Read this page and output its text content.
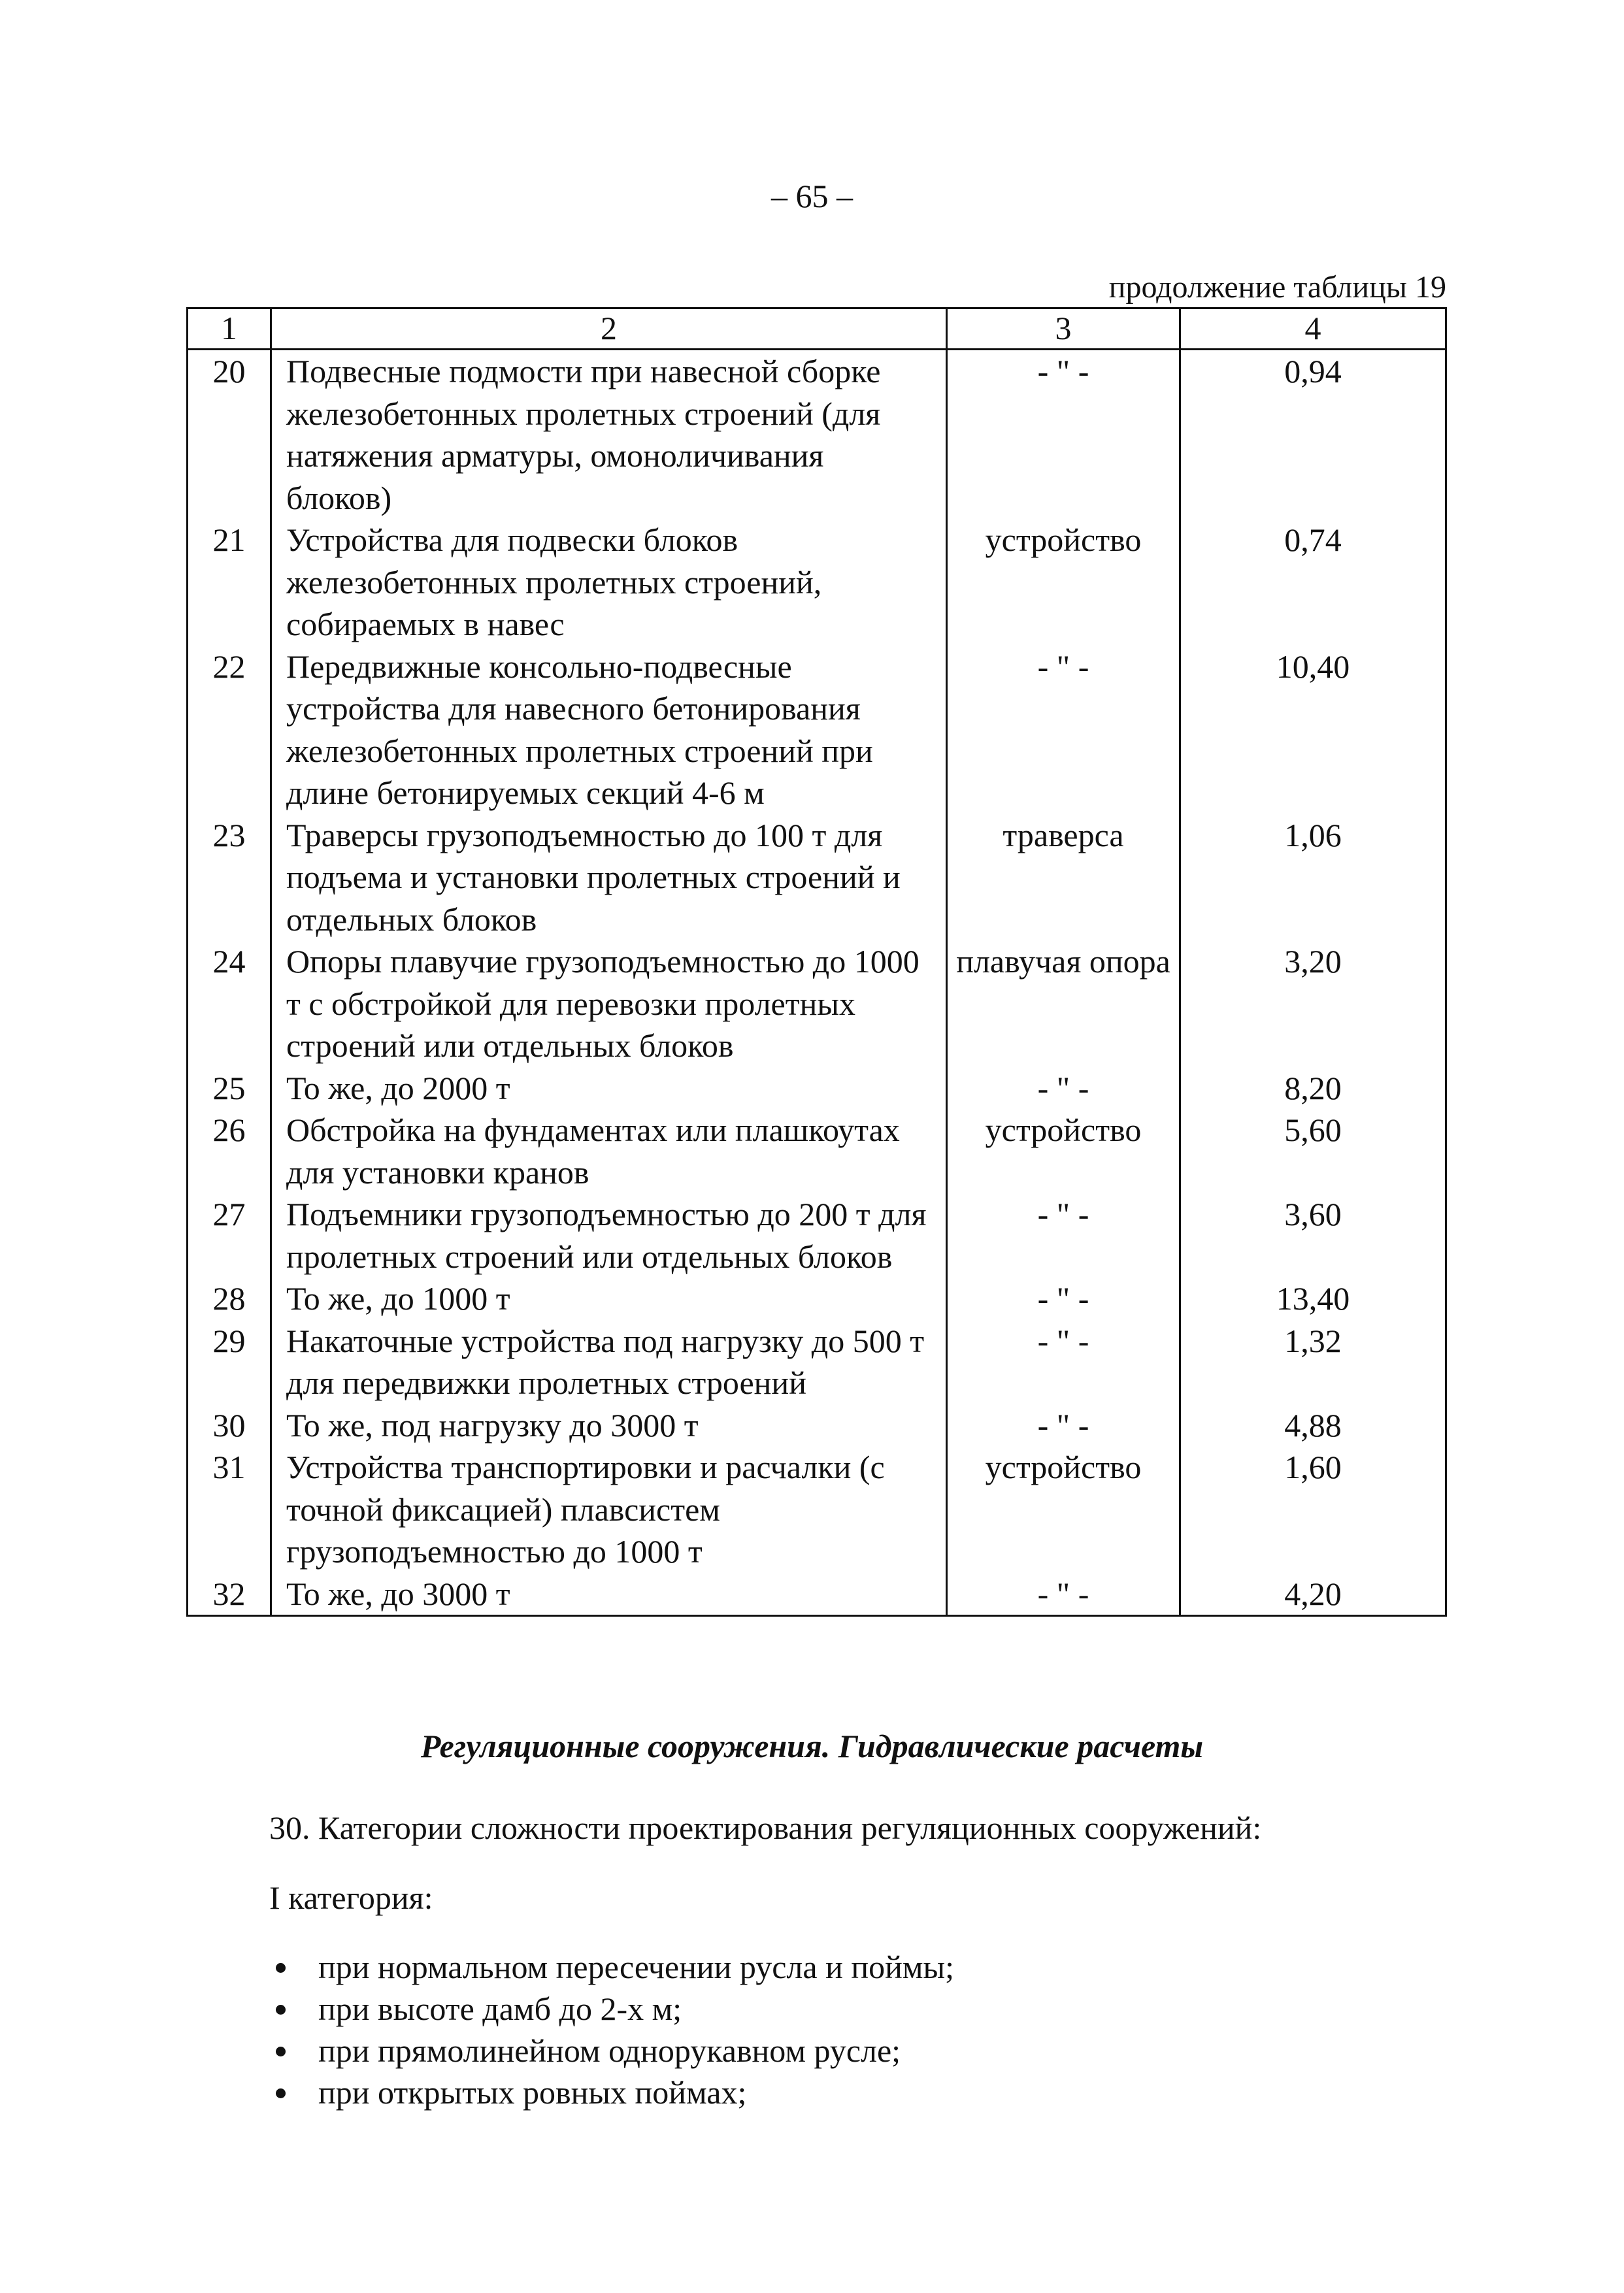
– 65 –
продолжение таблицы 19
1	2	3	4
20	Подвесные подмости при навесной сборке железобетонных пролетных строений (для натяжения арматуры, омоноличивания блоков)	- " -	0,94
21	Устройства для подвески блоков железобетонных пролетных строений, собираемых в навес	устройство	0,74
22	Передвижные консольно-подвесные устройства для навесного бетонирования железобетонных пролетных строений при длине бетонируемых секций 4-6 м	- " -	10,40
23	Траверсы грузоподъемностью до 100 т для подъема и установки пролетных строений и отдельных блоков	траверса	1,06
24	Опоры плавучие грузоподъемностью до 1000 т с обстройкой для перевозки пролетных строений или отдельных блоков	плавучая опора	3,20
25	То же, до 2000 т	- " -	8,20
26	Обстройка на фундаментах или плашкоутах для установки кранов	устройство	5,60
27	Подъемники грузоподъемностью до 200 т для пролетных строений или отдельных блоков	- " -	3,60
28	То же, до 1000 т	- " -	13,40
29	Накаточные устройства под нагрузку до 500 т для передвижки пролетных строений	- " -	1,32
30	То же, под нагрузку до 3000 т	- " -	4,88
31	Устройства транспортировки и расчалки (с точной фиксацией) плавсистем грузоподъемностью до 1000 т	устройство	1,60
32	То же, до 3000 т	- " -	4,20
Регуляционные сооружения. Гидравлические расчеты
30. Категории сложности проектирования регуляционных сооружений:
I категория:
при нормальном пересечении русла и поймы;
при высоте дамб до 2-х м;
при прямолинейном однорукавном русле;
при открытых ровных поймах;
